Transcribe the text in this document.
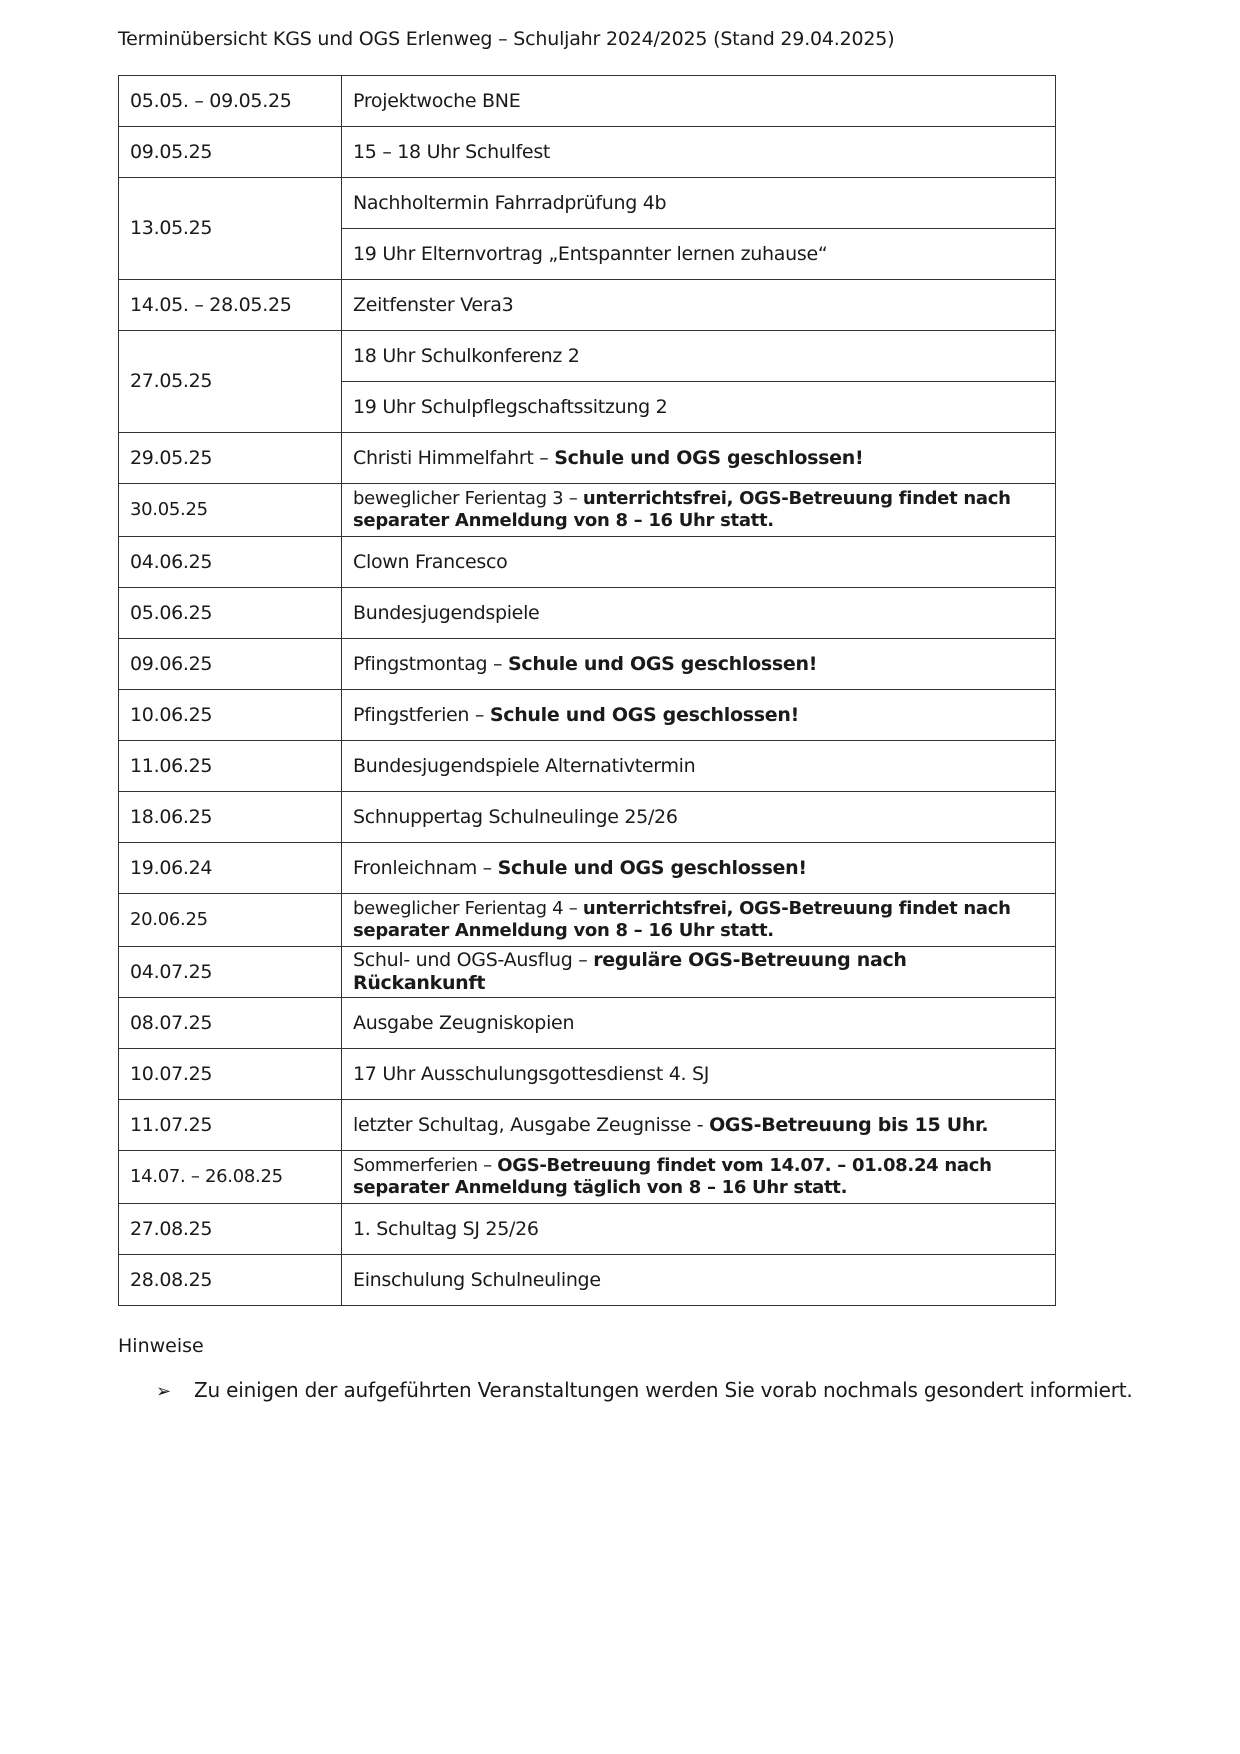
Terminübersicht KGS und OGS Erlenweg – Schuljahr 2024/2025 (Stand 29.04.2025)
05.05. – 09.05.25	Projektwoche BNE
09.05.25	15 – 18 Uhr Schulfest
13.05.25	Nachholtermin Fahrradprüfung 4b
	19 Uhr Elternvortrag „Entspannter lernen zuhause“
14.05. – 28.05.25	Zeitfenster Vera3
27.05.25	18 Uhr Schulkonferenz 2
	19 Uhr Schulpflegschaftssitzung 2
29.05.25	Christi Himmelfahrt – Schule und OGS geschlossen!
30.05.25	beweglicher Ferientag 3 – unterrichtsfrei, OGS-Betreuung findet nach separater Anmeldung von 8 – 16 Uhr statt.
04.06.25	Clown Francesco
05.06.25	Bundesjugendspiele
09.06.25	Pfingstmontag – Schule und OGS geschlossen!
10.06.25	Pfingstferien – Schule und OGS geschlossen!
11.06.25	Bundesjugendspiele Alternativtermin
18.06.25	Schnuppertag Schulneulinge 25/26
19.06.24	Fronleichnam – Schule und OGS geschlossen!
20.06.25	beweglicher Ferientag 4 – unterrichtsfrei, OGS-Betreuung findet nach separater Anmeldung von 8 – 16 Uhr statt.
04.07.25	Schul- und OGS-Ausflug – reguläre OGS-Betreuung nach Rückankunft
08.07.25	Ausgabe Zeugniskopien
10.07.25	17 Uhr Ausschulungsgottesdienst 4. SJ
11.07.25	letzter Schultag, Ausgabe Zeugnisse - OGS-Betreuung bis 15 Uhr.
14.07. – 26.08.25	Sommerferien – OGS-Betreuung findet vom 14.07. – 01.08.24 nach separater Anmeldung täglich von 8 – 16 Uhr statt.
27.08.25	1. Schultag SJ 25/26
28.08.25	Einschulung Schulneulinge
Hinweise
➢ Zu einigen der aufgeführten Veranstaltungen werden Sie vorab nochmals gesondert informiert.
